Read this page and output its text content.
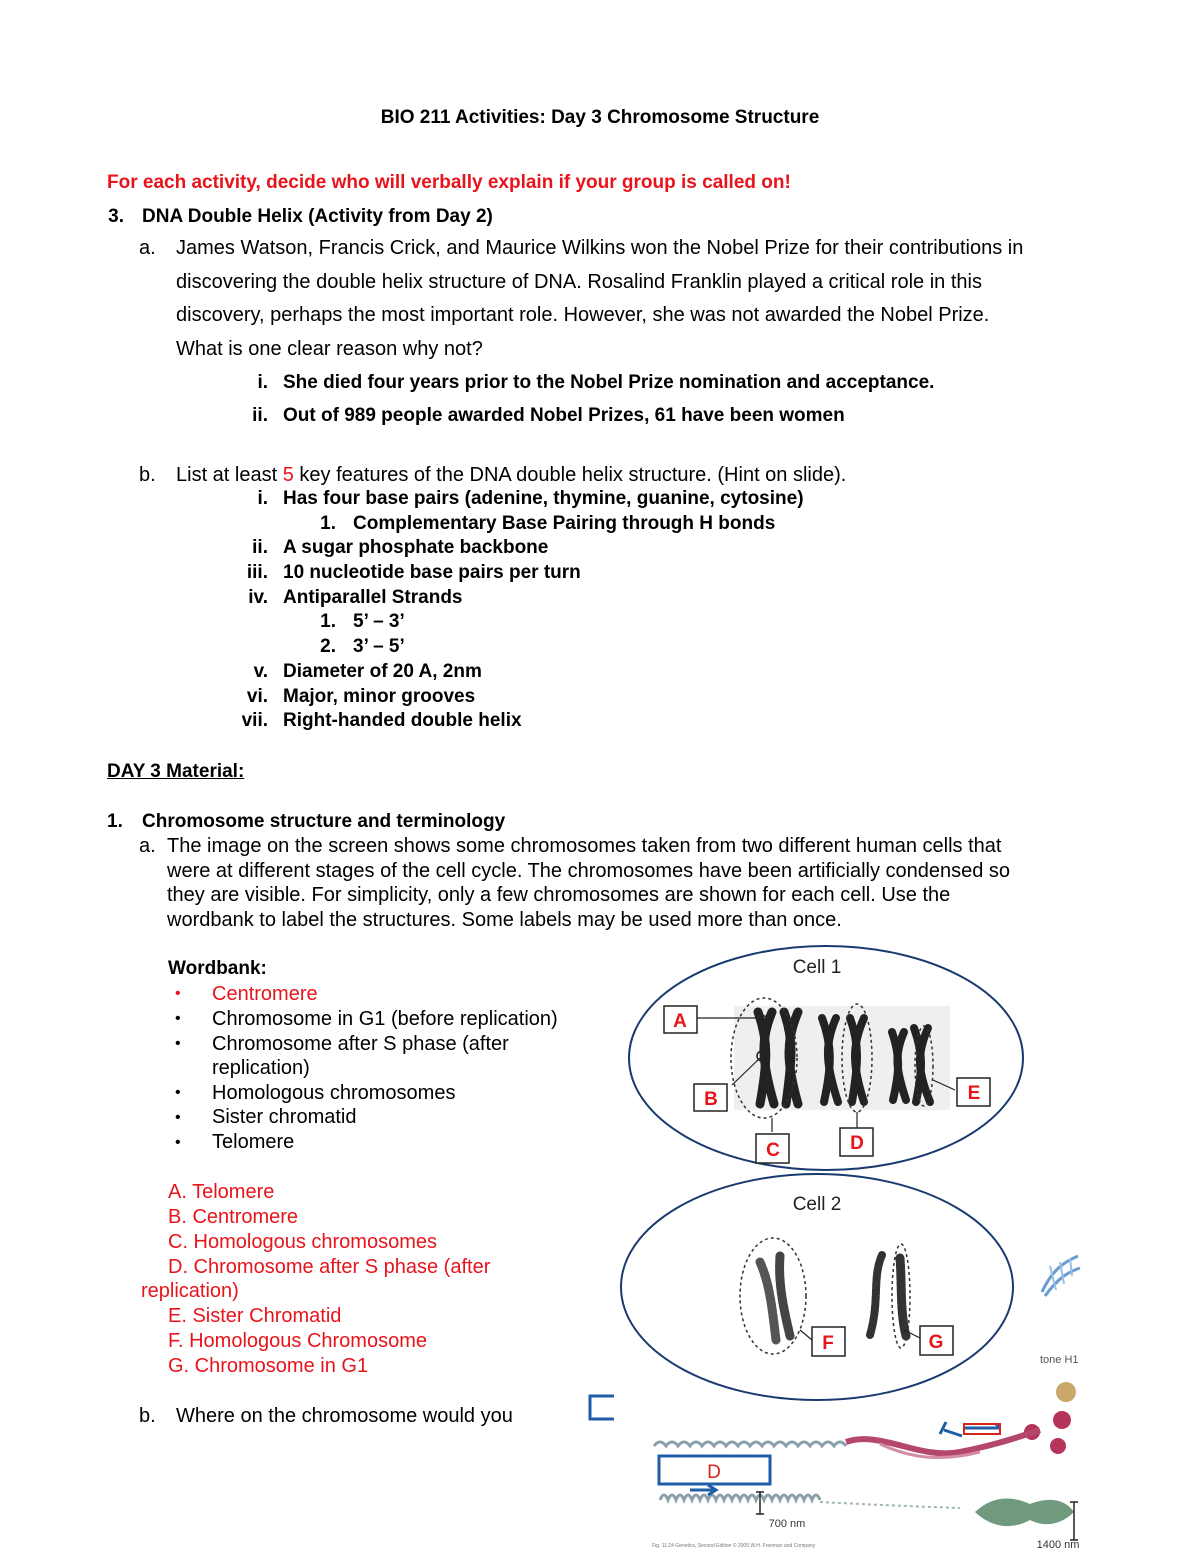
BIO 211 Activities: Day 3 Chromosome Structure
For each activity, decide who will verbally explain if your group is called on!
3. DNA Double Helix (Activity from Day 2)
a. James Watson, Francis Crick, and Maurice Wilkins won the Nobel Prize for their contributions in
discovering the double helix structure of DNA. Rosalind Franklin played a critical role in this
discovery, perhaps the most important role. However, she was not awarded the Nobel Prize.
What is one clear reason why not?
i. She died four years prior to the Nobel Prize nomination and acceptance.
ii. Out of 989 people awarded Nobel Prizes, 61 have been women
b. List at least 5 key features of the DNA double helix structure. (Hint on slide).
i. Has four base pairs (adenine, thymine, guanine, cytosine)
1. Complementary Base Pairing through H bonds
ii. A sugar phosphate backbone
iii. 10 nucleotide base pairs per turn
iv. Antiparallel Strands
1. 5’ – 3’
2. 3’ – 5’
v. Diameter of 20 A, 2nm
vi. Major, minor grooves
vii. Right-handed double helix
DAY 3 Material:
1. Chromosome structure and terminology
a. The image on the screen shows some chromosomes taken from two different human cells that
were at different stages of the cell cycle. The chromosomes have been artificially condensed so
they are visible. For simplicity, only a few chromosomes are shown for each cell. Use the
wordbank to label the structures. Some labels may be used more than once.
Wordbank:
• Centromere
• Chromosome in G1 (before replication)
• Chromosome after S phase (after
replication)
• Homologous chromosomes
• Sister chromatid
• Telomere
A. Telomere
B. Centromere
C. Homologous chromosomes
D. Chromosome after S phase (after
replication)
E. Sister Chromatid
F. Homologous Chromosome
G. Chromosome in G1
b. Where on the chromosome would you
Cell 1
A
B
C	D
E
Cell 2
F	G
tone H1
D
700 nm
1400 nm
Fig. 11.24 Genetics, Second Edition © 2005 W.H. Freeman and Company
